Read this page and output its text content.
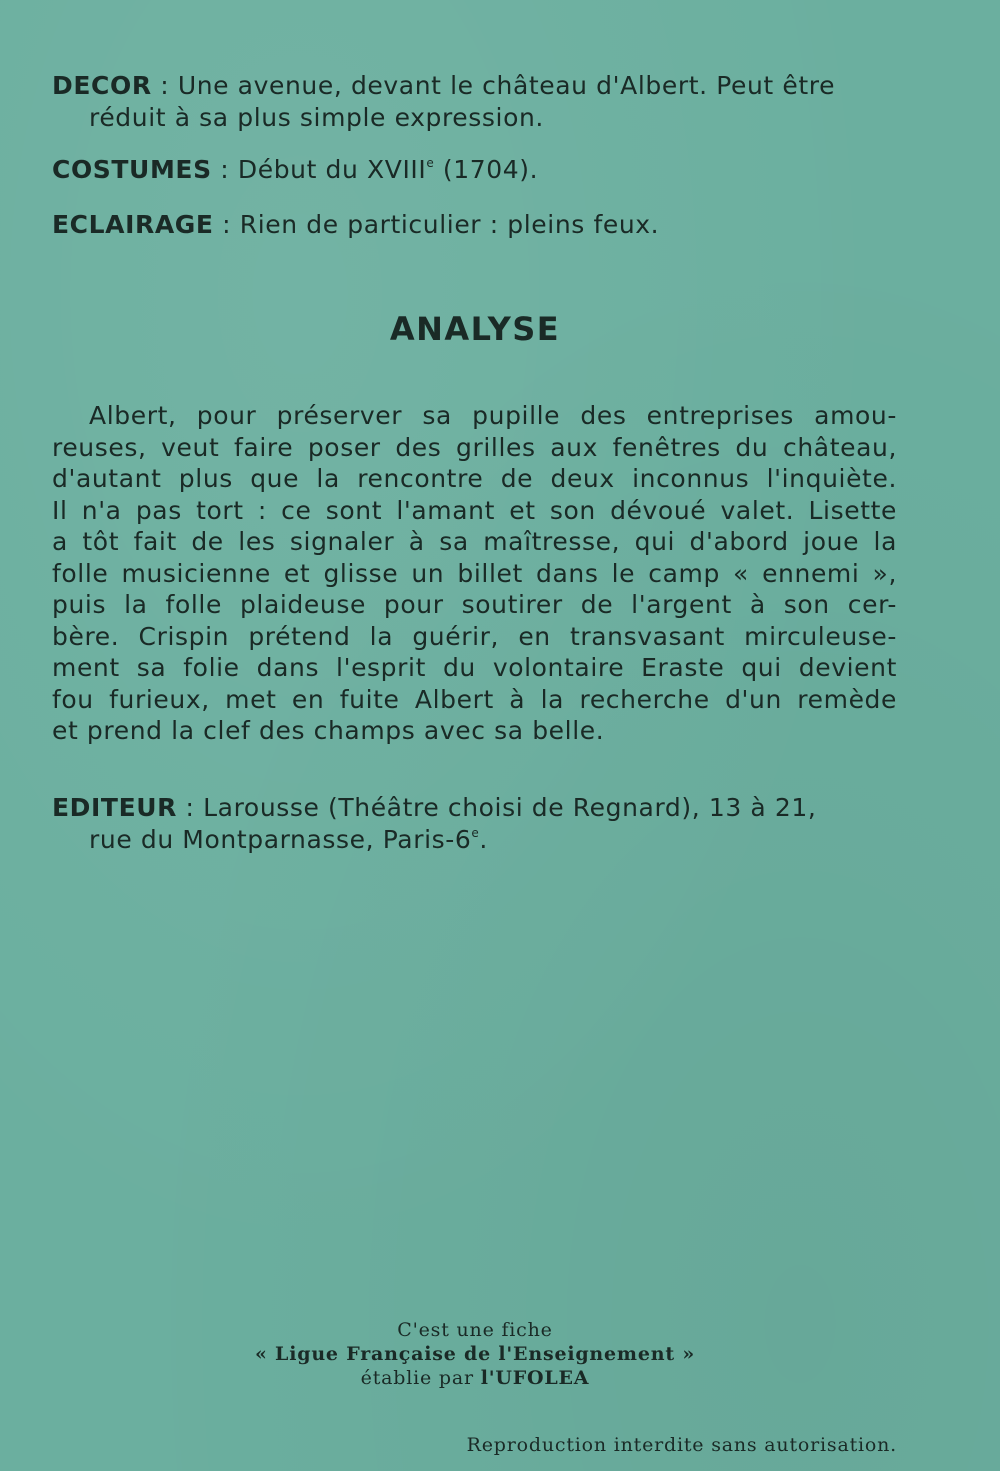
DECOR : Une avenue, devant le château d'Albert. Peut être
réduit à sa plus simple expression.
COSTUMES : Début du XVIIIe (1704).
ECLAIRAGE : Rien de particulier : pleins feux.
ANALYSE
Albert, pour préserver sa pupille des entreprises amou-
reuses, veut faire poser des grilles aux fenêtres du château,
d'autant plus que la rencontre de deux inconnus l'inquiète.
Il n'a pas tort : ce sont l'amant et son dévoué valet. Lisette
a tôt fait de les signaler à sa maîtresse, qui d'abord joue la
folle musicienne et glisse un billet dans le camp « ennemi »,
puis la folle plaideuse pour soutirer de l'argent à son cer-
bère. Crispin prétend la guérir, en transvasant mirculeuse-
ment sa folie dans l'esprit du volontaire Eraste qui devient
fou furieux, met en fuite Albert à la recherche d'un remède
et prend la clef des champs avec sa belle.
EDITEUR : Larousse (Théâtre choisi de Regnard), 13 à 21,
rue du Montparnasse, Paris-6e.
C'est une fiche
« Ligue Française de l'Enseignement »
établie par l'UFOLEA
Reproduction interdite sans autorisation.
